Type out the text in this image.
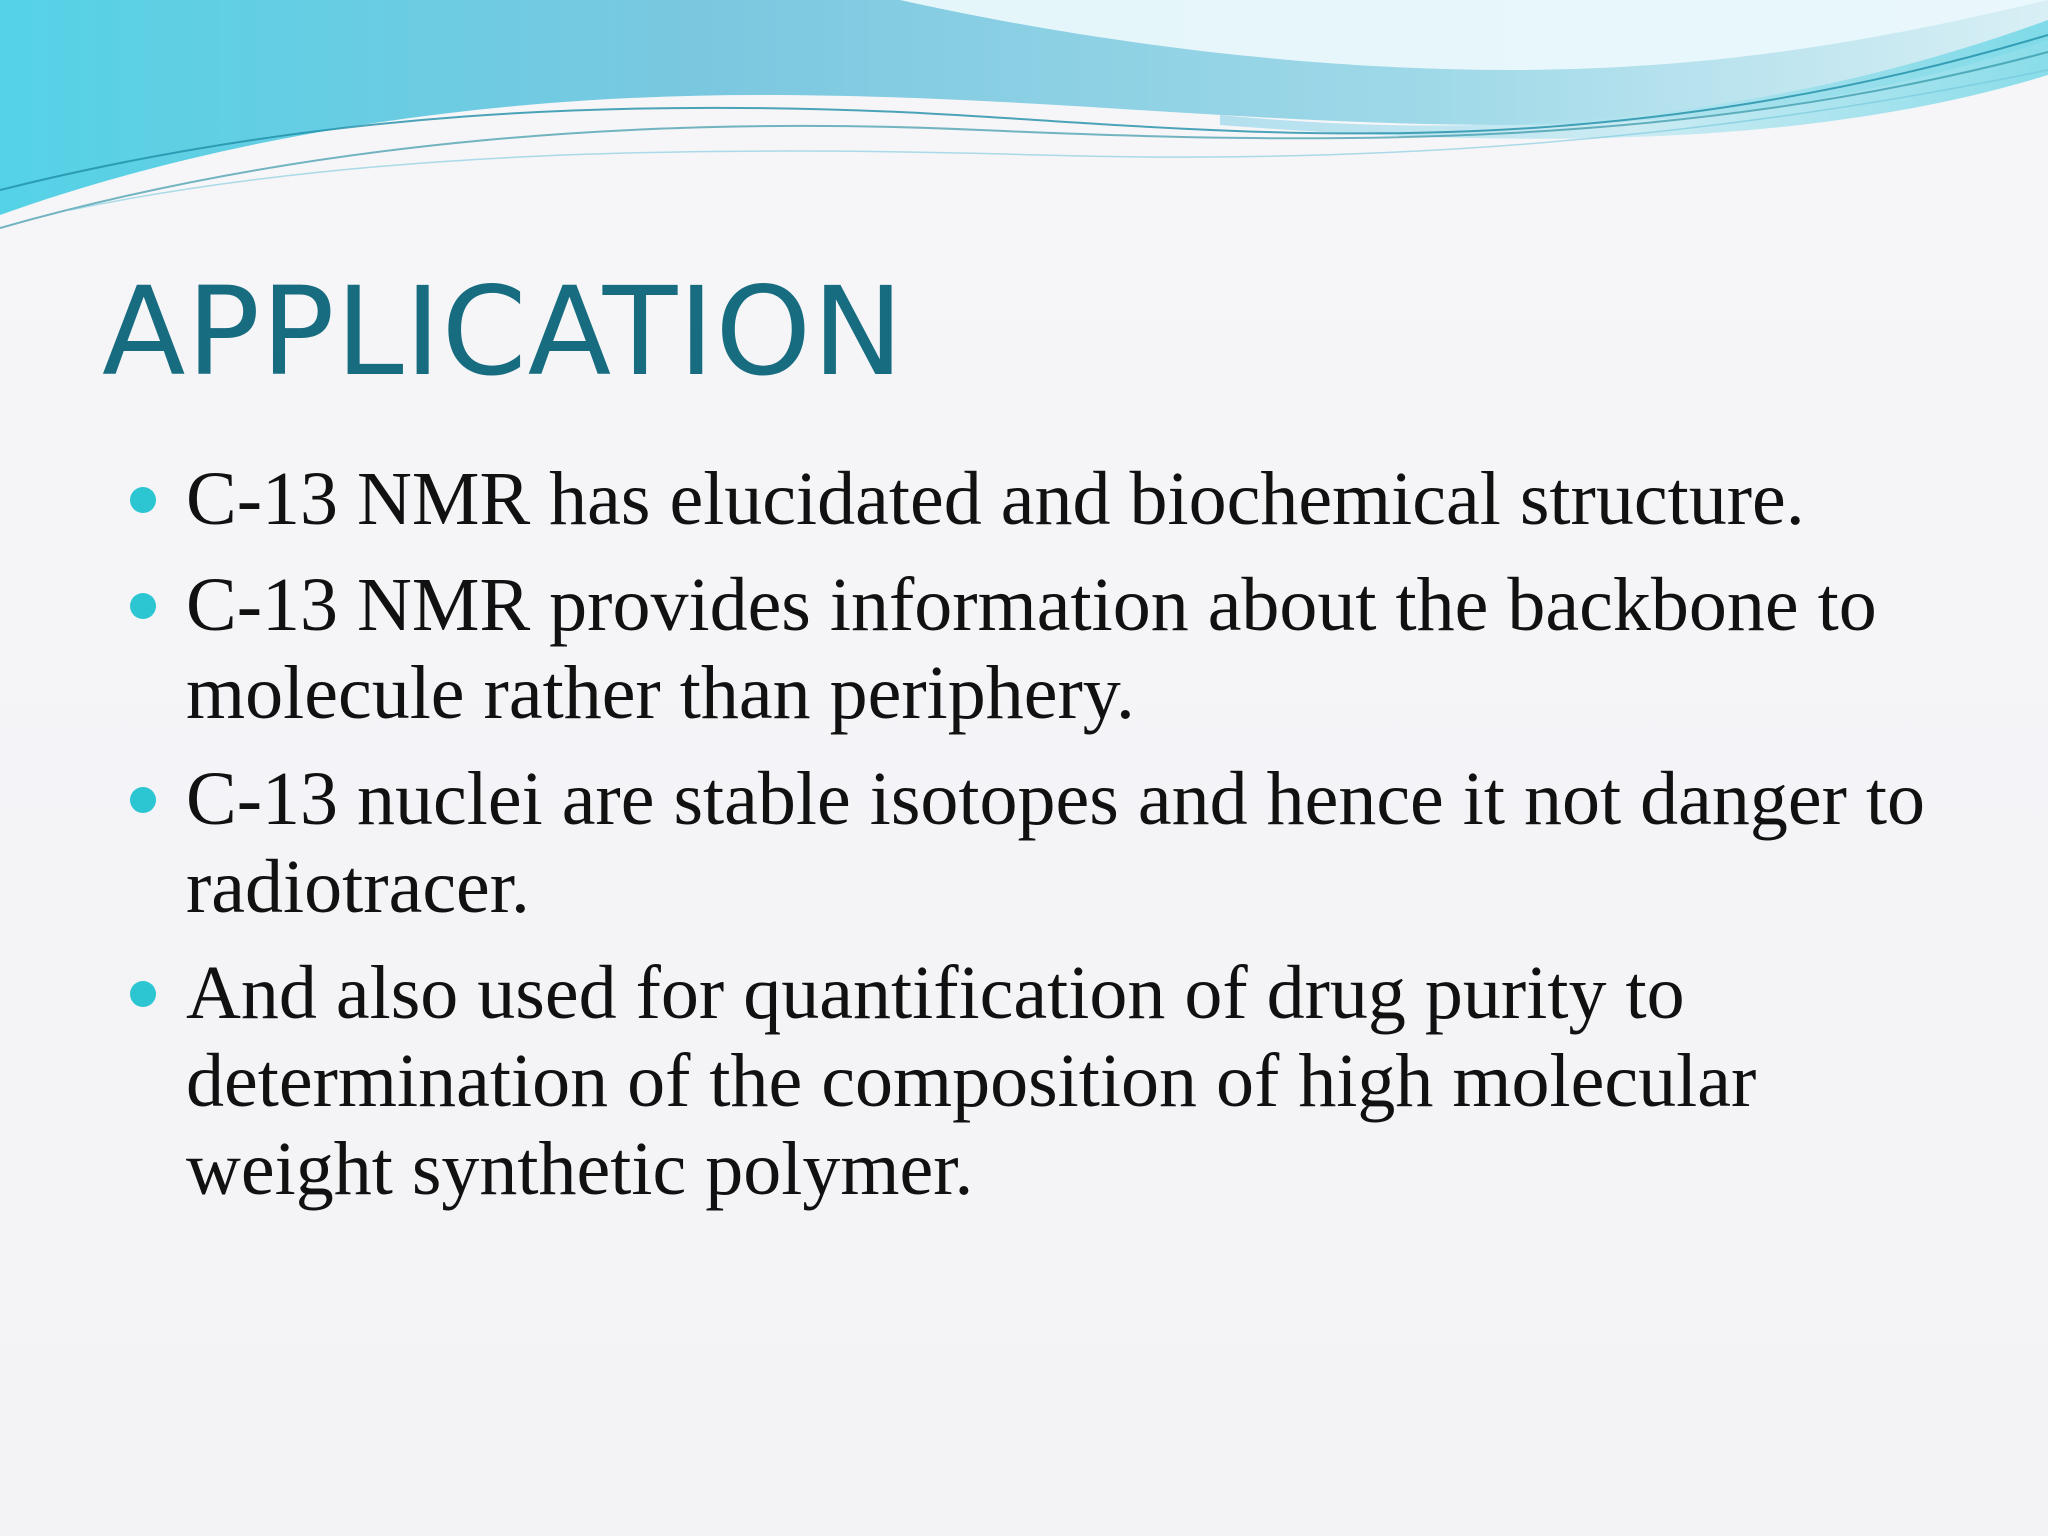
APPLICATION
C-13 NMR has elucidated and biochemical structure.
C-13 NMR provides information about the backbone to molecule rather than periphery.
C-13 nuclei are stable isotopes and hence it not danger to radiotracer.
And also used for quantification of drug purity to determination of the composition of high molecular weight synthetic polymer.
